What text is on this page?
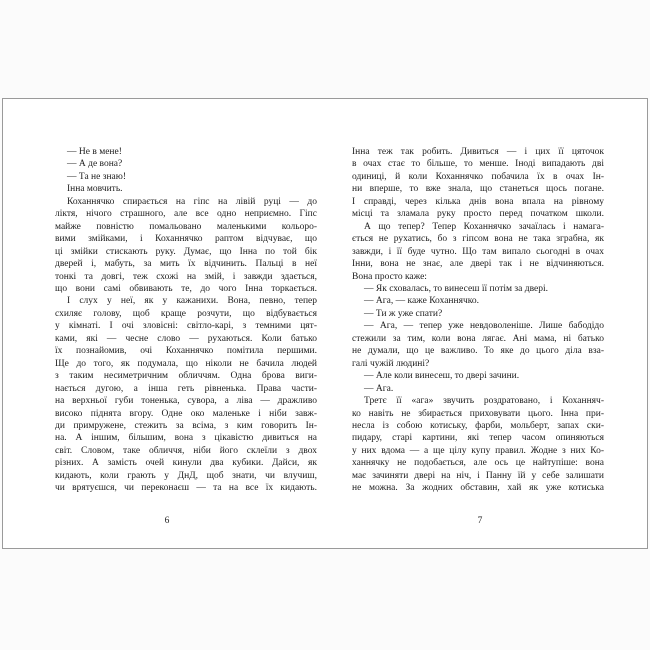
— Не в мене!
— А де вона?
— Та не знаю!
Інна мовчить.
Коханнячко спирається на гіпс на лівій руці — до
ліктя, нічого страшного, але все одно неприємно. Гіпс
майже повністю помальовано маленькими кольоро-
вими змійками, і Коханнячко раптом відчуває, що
ці змійки стискають руку. Думає, що Інна по той бік
дверей і, мабуть, за мить їх відчинить. Пальці в неї
тонкі та довгі, теж схожі на змій, і завжди здається,
що вони самі обвивають те, до чого Інна торкається.
І слух у неї, як у кажанихи. Вона, певно, тепер
схиляє голову, щоб краще розчути, що відбувається
у кімнаті. І очі зловісні: світло-карі, з темними цят-
ками, які — чесне слово — рухаються. Коли батько
їх познайомив, очі Коханнячко помітила першими.
Ще до того, як подумала, що ніколи не бачила людей
з таким несиметричним обличчям. Одна брова виги-
нається дугою, а інша геть рівненька. Права части-
на верхньої губи тоненька, сувора, а ліва — дражливо
високо піднята вгору. Одне око маленьке і ніби завж-
ди примружене, стежить за всіма, з ким говорить Ін-
на. А іншим, більшим, вона з цікавістю дивиться на
світ. Словом, таке обличчя, ніби його склеїли з двох
різних. А замість очей кинули два кубики. Дайси, як
кидають, коли грають у ДнД, щоб знати, чи влучиш,
чи врятуєшся, чи переконаєш — та на все їх кидають.
Інна теж так робить. Дивиться — і цих її цяточок
в очах стає то більше, то менше. Іноді випадають дві
одиниці, й коли Коханнячко побачила їх в очах Ін-
ни вперше, то вже знала, що станеться щось погане.
І справді, через кілька днів вона впала на рівному
місці та зламала руку просто перед початком школи.
А що тепер? Тепер Коханнячко зачаїлась і намага-
ється не рухатись, бо з гіпсом вона не така зграбна, як
завжди, і її буде чутно. Що там випало сьогодні в очах
Інни, вона не знає, але двері так і не відчиняються.
Вона просто каже:
— Як сховалась, то винесеш її потім за двері.
— Ага, — каже Коханнячко.
— Ти ж уже спати?
— Ага, — тепер уже невдоволеніше. Лише бабодідо
стежили за тим, коли вона лягає. Ані мама, ні батько
не думали, що це важливо. То яке до цього діла вза-
галі чужій людині?
— Але коли винесеш, то двері зачини.
— Ага.
Третє її «ага» звучить роздратовано, і Коханняч-
ко навіть не збирається приховувати цього. Інна при-
несла із собою котиську, фарби, мольберт, запах ски-
пидару, старі картини, які тепер часом опиняються
у них вдома — а ще цілу купу правил. Жодне з них Ко-
ханнячку не подобається, але ось це найтупіше: вона
має зачиняти двері на ніч, і Панну їй у себе залишати
не можна. За жодних обставин, хай як уже котиська
6	7
